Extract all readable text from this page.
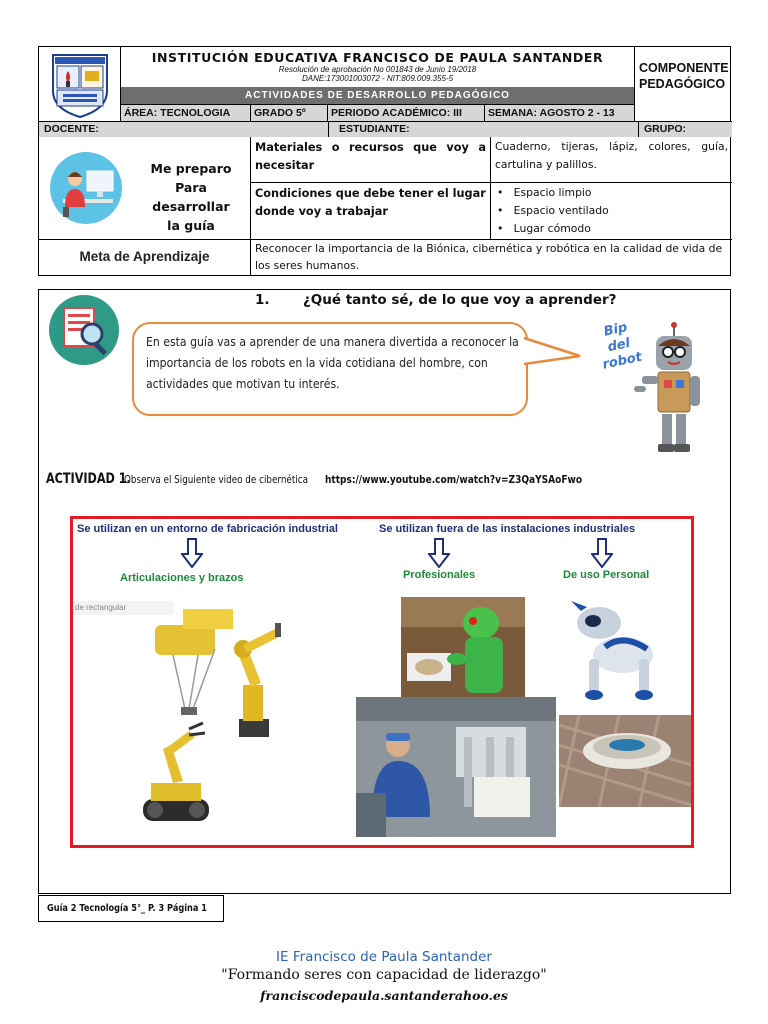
INSTITUCIÓN EDUCATIVA FRANCISCO DE PAULA SANTANDER
Resolución de aprobación No 001843 de Junio 19/2018
DANE:173001003072 - NIT:809.009.355-5
COMPONENTE
PEDAGÓGICO
ACTIVIDADES DE DESARROLLO PEDAGÓGICO
ÁREA: TECNOLOGIA	GRADO 5º	PERIODO ACADÉMICO: III	SEMANA: AGOSTO 2 - 13
DOCENTE:	ESTUDIANTE:	GRUPO:
Me preparo
Para desarrollar
la guía
Materiales o recursos que voy a necesitar
Cuaderno, tijeras, lápiz, colores, guía, cartulina y palillos.
Condiciones que debe tener el lugar donde voy a trabajar
•   Espacio limpio
•   Espacio ventilado
•   Lugar cómodo
Meta de Aprendizaje
Reconocer la importancia de la Biónica, cibernética y robótica en la calidad de vida de los seres humanos.
1. ¿Qué tanto sé, de lo que voy a aprender?
En esta guía vas a aprender de una manera divertida a reconocer la importancia de los robots en la vida cotidiana del hombre, con actividades que motivan tu interés.
Bip
del
robot
ACTIVIDAD 1. Observa el Siguiente video de cibernética https://www.youtube.com/watch?v=Z3QaYSAoFwo
Se utilizan en un entorno de fabricación industrial	Se utilizan fuera de las instalaciones industriales
Articulaciones y brazos	Profesionales	De uso Personal
de rectangular
Guía 2 Tecnología 5°_ P. 3 Página 1
IE Francisco de Paula Santander
"Formando seres con capacidad de liderazgo"
franciscodepaula.santanderahoo.es
